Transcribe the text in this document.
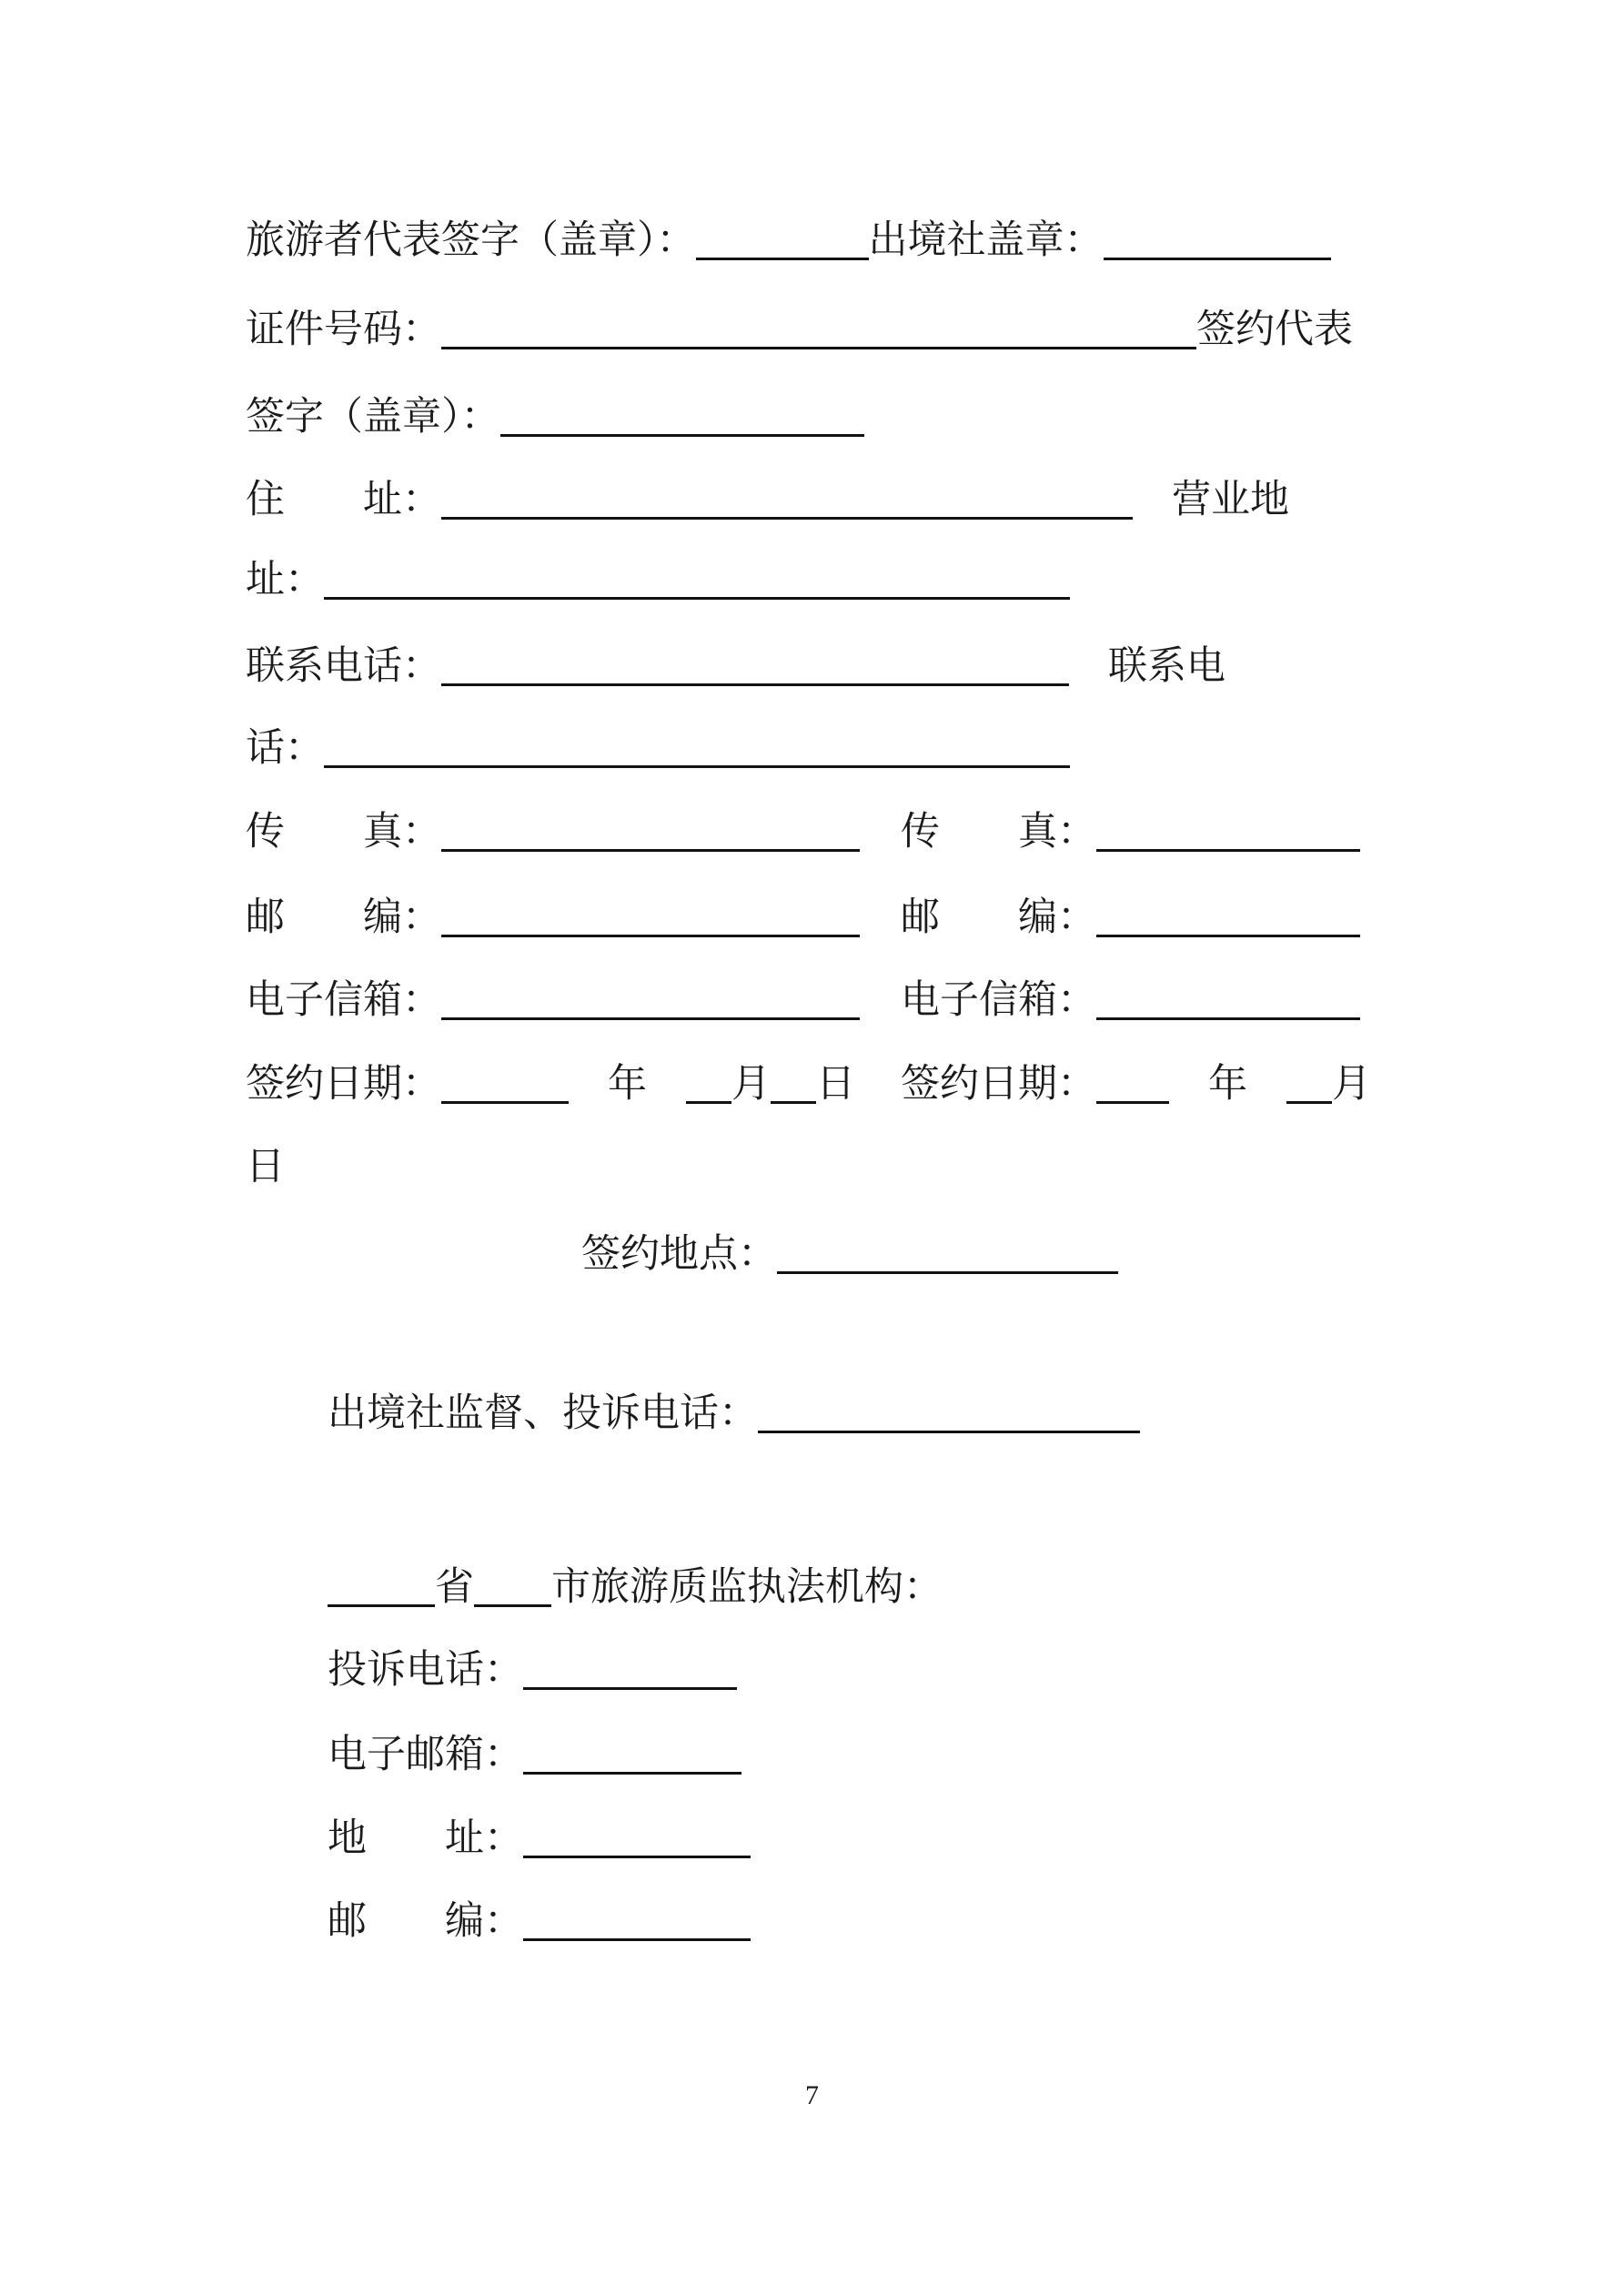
7
旅游者代表签字（盖章）：	出境社盖章：
证件号码：	签约代表
签字（盖章）：
住　　址：	　营业地
址：
联系电话：	　联系电
话：
传　　真：	传　　真：
邮　　编：	邮　　编：
电子信箱：	电子信箱：
签约日期：	　年　月 日 签约日期：　年　月
日
签约地点：
出境社监督、投诉电话：
省 市旅游质监执法机构：
投诉电话：
电子邮箱：
地　　址：
邮　　编：
